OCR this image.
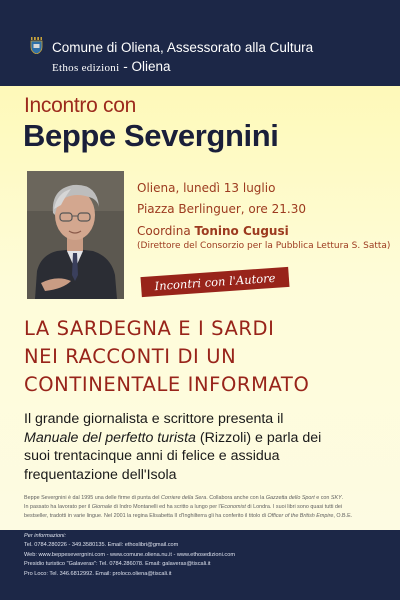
Comune di Oliena, Assessorato alla Cultura
Ethos edizioni - Oliena
Incontro con
Beppe Severgnini
Oliena, lunedì 13 luglio
Piazza Berlinguer, ore 21.30
Coordina Tonino Cugusi
(Direttore del Consorzio per la Pubblica Lettura S. Satta)
Incontri con l'Autore
LA SARDEGNA E I SARDI
NEI RACCONTI DI UN
CONTINENTALE INFORMATO
Il grande giornalista e scrittore presenta il
Manuale del perfetto turista (Rizzoli) e parla dei
suoi trentacinque anni di felice e assidua
frequentazione dell'Isola
Beppe Severgnini è dal 1995 una delle firme di punta del Corriere della Sera. Collabora anche con la Gazzetta dello Sport e con SKY.
In passato ha lavorato per il Giornale di Indro Montanelli ed ha scritto a lungo per l'Economist di Londra. I suoi libri sono quasi tutti dei
bestseller, tradotti in varie lingue. Nel 2001 la regina Elisabetta II d'Inghilterra gli ha conferito il titolo di Officer of the British Empire, O.B.E.
Per informazioni:
Tel. 0784.280226 - 349.3580135. Email: ethoslibri@gmail.com
Web: www.beppesevergnini.com - www.comune.oliena.nu.it - www.ethosedizioni.com
Presidio turistico "Galaveras": Tel. 0784.286078. Email: galaveras@tiscali.it
Pro Loco: Tel. 346.6812992. Email: proloco.oliena@tiscali.it
